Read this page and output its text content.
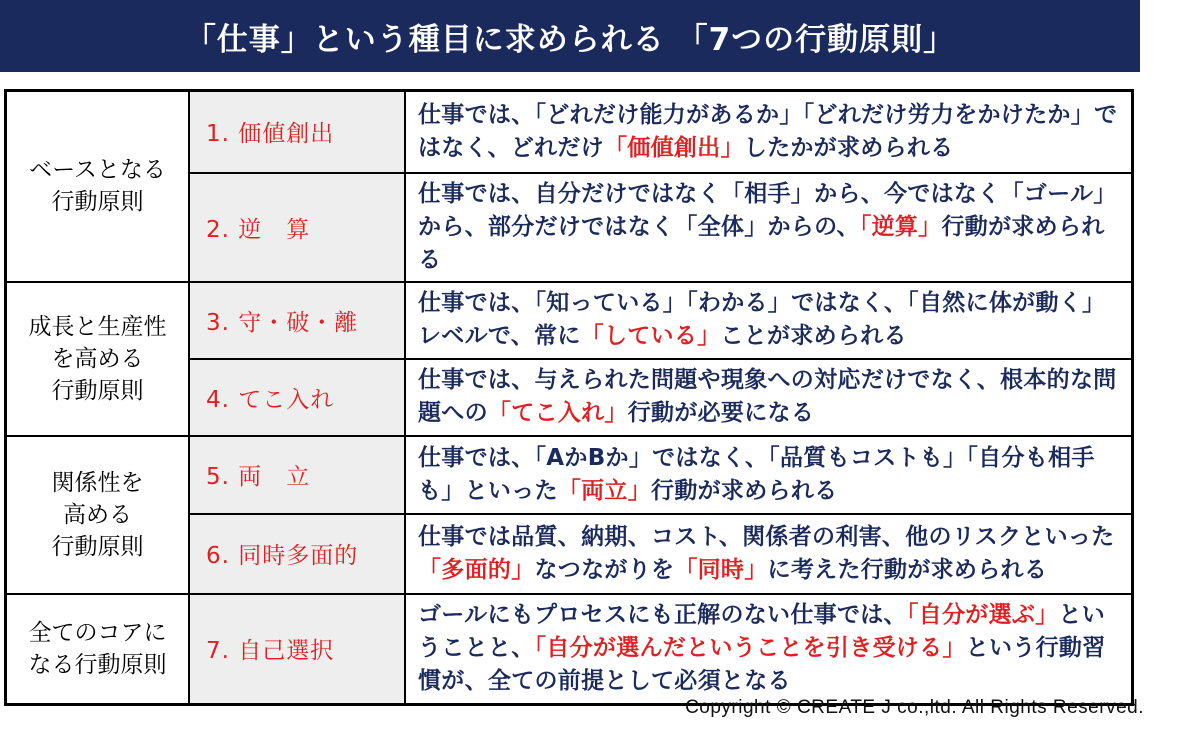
「仕事」という種目に求められる 「7つの行動原則」
ベースとなる
行動原則	1. 価値創出	仕事では、「どれだけ能力があるか」「どれだけ労力をかけたか」ではなく、どれだけ「価値創出」したかが求められる
	2. 逆　算	仕事では、自分だけではなく「相手」から、今ではなく「ゴール」から、部分だけではなく「全体」からの、「逆算」行動が求められる

成長と生産性
を高める
行動原則	3. 守・破・離	仕事では、「知っている」「わかる」ではなく、「自然に体が動く」レベルで、常に「している」ことが求められる
	4. てこ入れ	仕事では、与えられた問題や現象への対応だけでなく、根本的な問題への「てこ入れ」行動が必要になる

関係性を
高める
行動原則	5. 両　立	仕事では、「AかBか」ではなく、「品質もコストも」「自分も相手も」といった「両立」行動が求められる
	6. 同時多面的	仕事では品質、納期、コスト、関係者の利害、他のリスクといった「多面的」なつながりを「同時」に考えた行動が求められる

全てのコアに
なる行動原則	7. 自己選択	ゴールにもプロセスにも正解のない仕事では、「自分が選ぶ」ということと、「自分が選んだということを引き受ける」という行動習慣が、全ての前提として必須となる
Copyright © CREATE J co.,ltd. All Rights Reserved.
